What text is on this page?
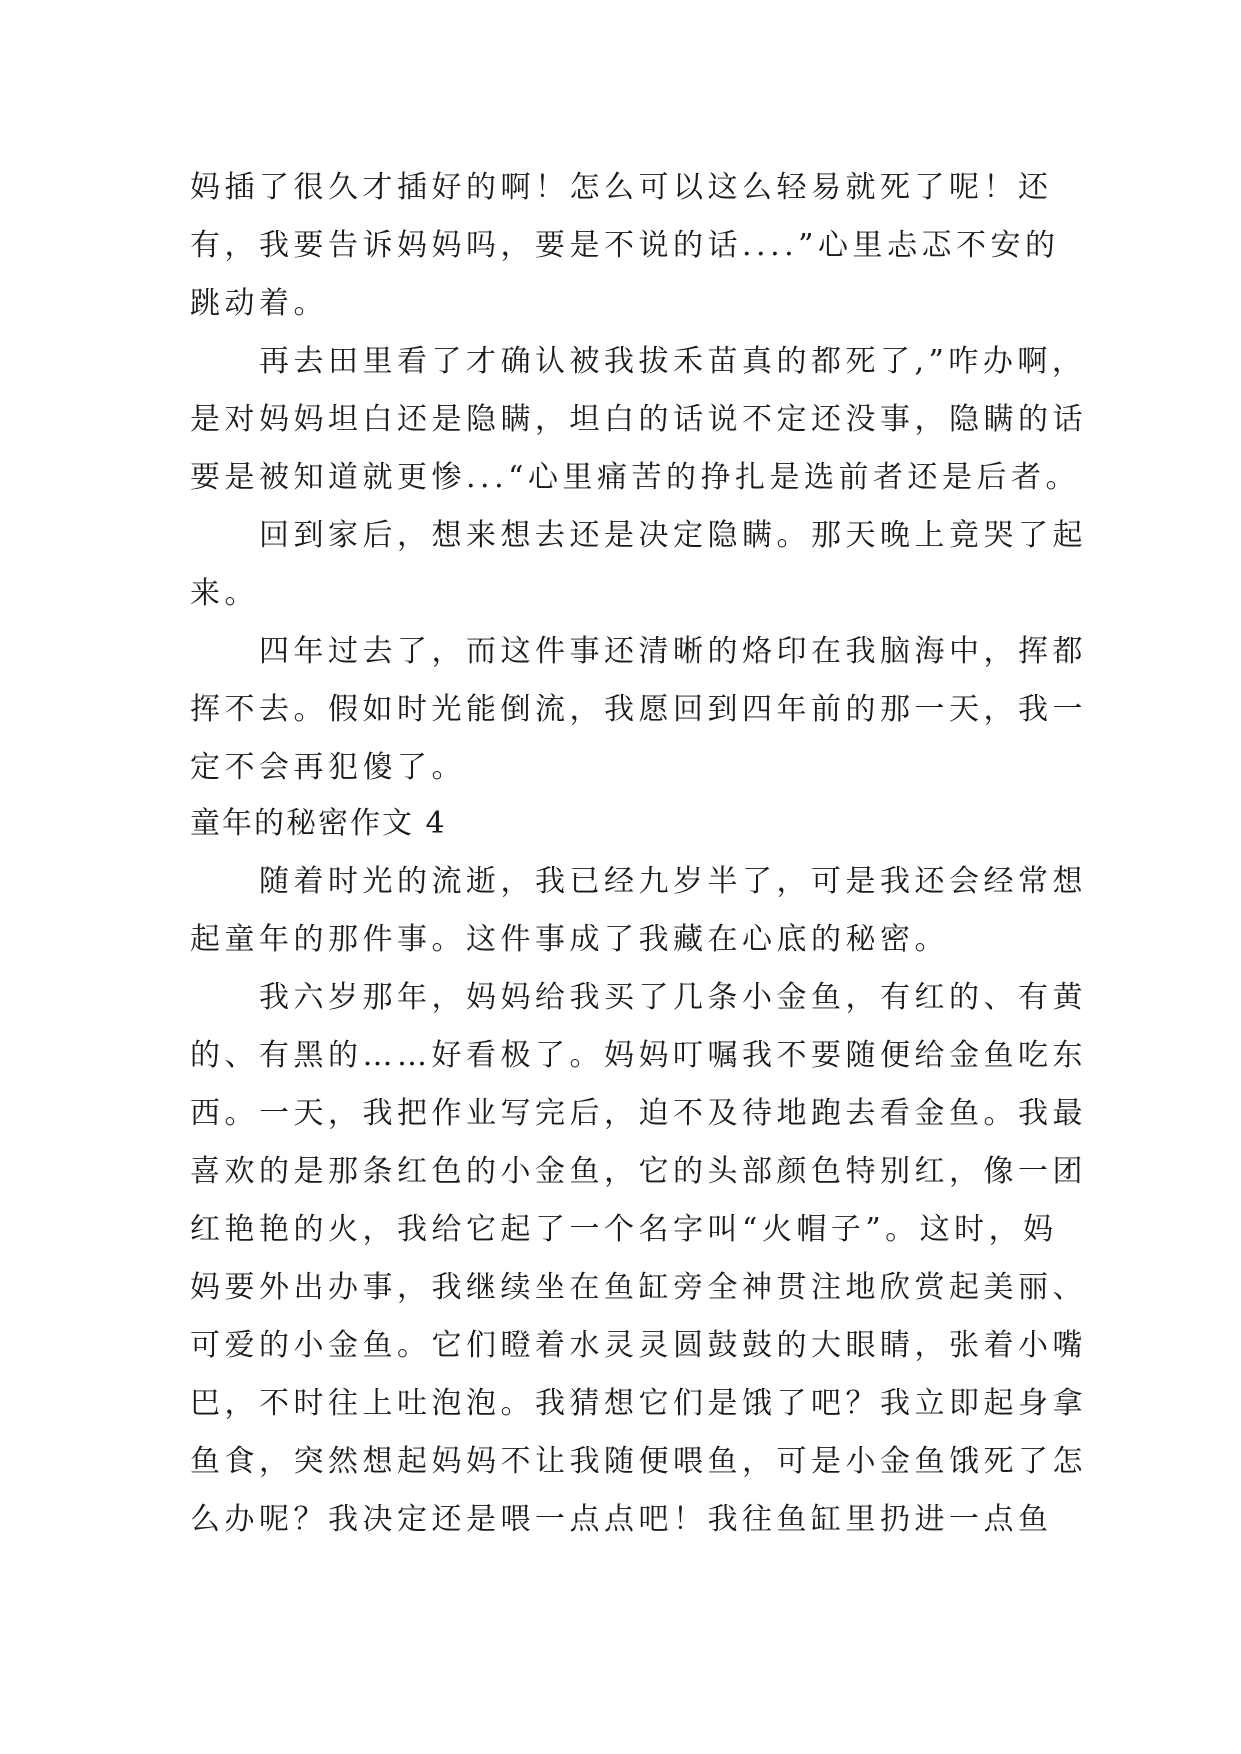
妈插了很久才插好的啊！怎么可以这么轻易就死了呢！还
有，我要告诉妈妈吗，要是不说的话....”心里忐忑不安的
跳动着。
　　再去田里看了才确认被我拔禾苗真的都死了,”咋办啊，
是对妈妈坦白还是隐瞒，坦白的话说不定还没事，隐瞒的话
要是被知道就更惨...“心里痛苦的挣扎是选前者还是后者。
　　回到家后，想来想去还是决定隐瞒。那天晚上竟哭了起
来。
　　四年过去了，而这件事还清晰的烙印在我脑海中，挥都
挥不去。假如时光能倒流，我愿回到四年前的那一天，我一
定不会再犯傻了。
童年的秘密作文 4
　　随着时光的流逝，我已经九岁半了，可是我还会经常想
起童年的那件事。这件事成了我藏在心底的秘密。
　　我六岁那年，妈妈给我买了几条小金鱼，有红的、有黄
的、有黑的……好看极了。妈妈叮嘱我不要随便给金鱼吃东
西。一天，我把作业写完后，迫不及待地跑去看金鱼。我最
喜欢的是那条红色的小金鱼，它的头部颜色特别红，像一团
红艳艳的火，我给它起了一个名字叫“火帽子”。这时，妈
妈要外出办事，我继续坐在鱼缸旁全神贯注地欣赏起美丽、
可爱的小金鱼。它们瞪着水灵灵圆鼓鼓的大眼睛，张着小嘴
巴，不时往上吐泡泡。我猜想它们是饿了吧？我立即起身拿
鱼食，突然想起妈妈不让我随便喂鱼，可是小金鱼饿死了怎
么办呢？我决定还是喂一点点吧！我往鱼缸里扔进一点鱼
